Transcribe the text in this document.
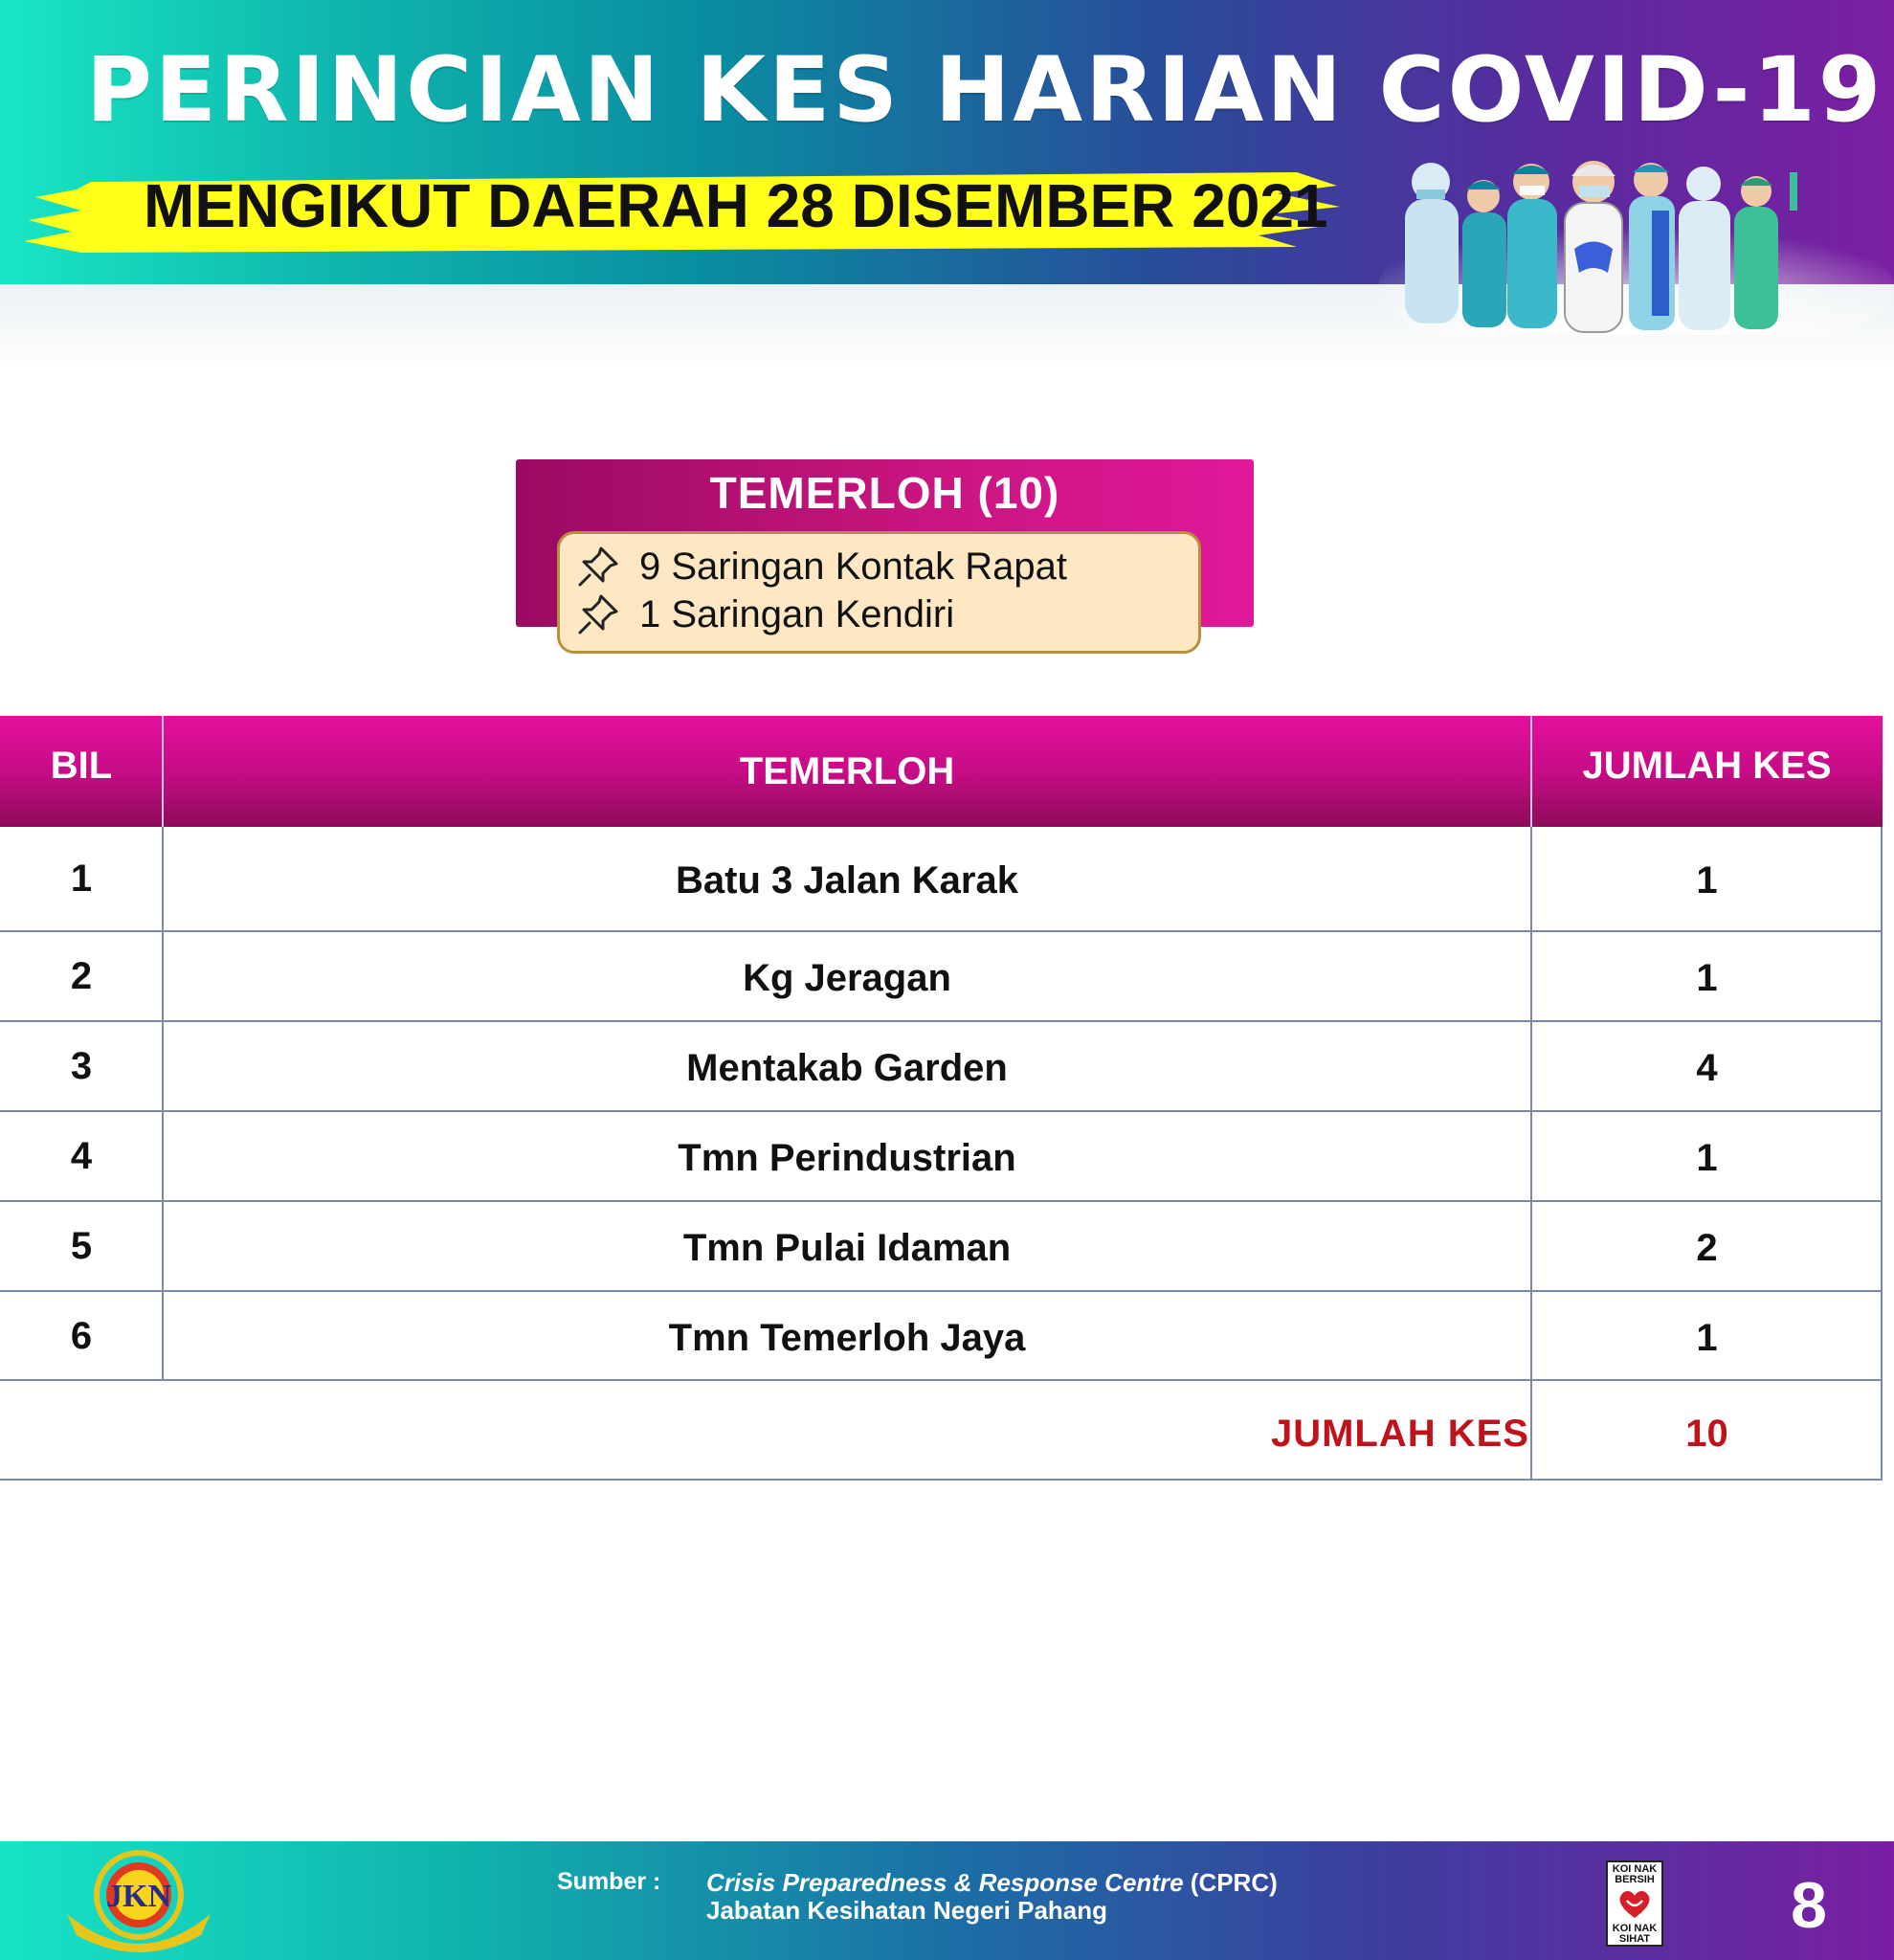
PERINCIAN KES HARIAN COVID-19
MENGIKUT DAERAH 28 DISEMBER 2021
TEMERLOH (10)
9 Saringan Kontak Rapat
1 Saringan Kendiri
BIL	TEMERLOH	JUMLAH KES
1	Batu 3 Jalan Karak	1
2	Kg Jeragan	1
3	Mentakab Garden	4
4	Tmn Perindustrian	1
5	Tmn Pulai Idaman	2
6	Tmn Temerloh Jaya	1
JUMLAH KES	10
JKN	Sumber : Crisis Preparedness & Response Centre (CPRC)
Jabatan Kesihatan Negeri Pahang
KOI NAK BERSIH
KOI NAK SIHAT 8
